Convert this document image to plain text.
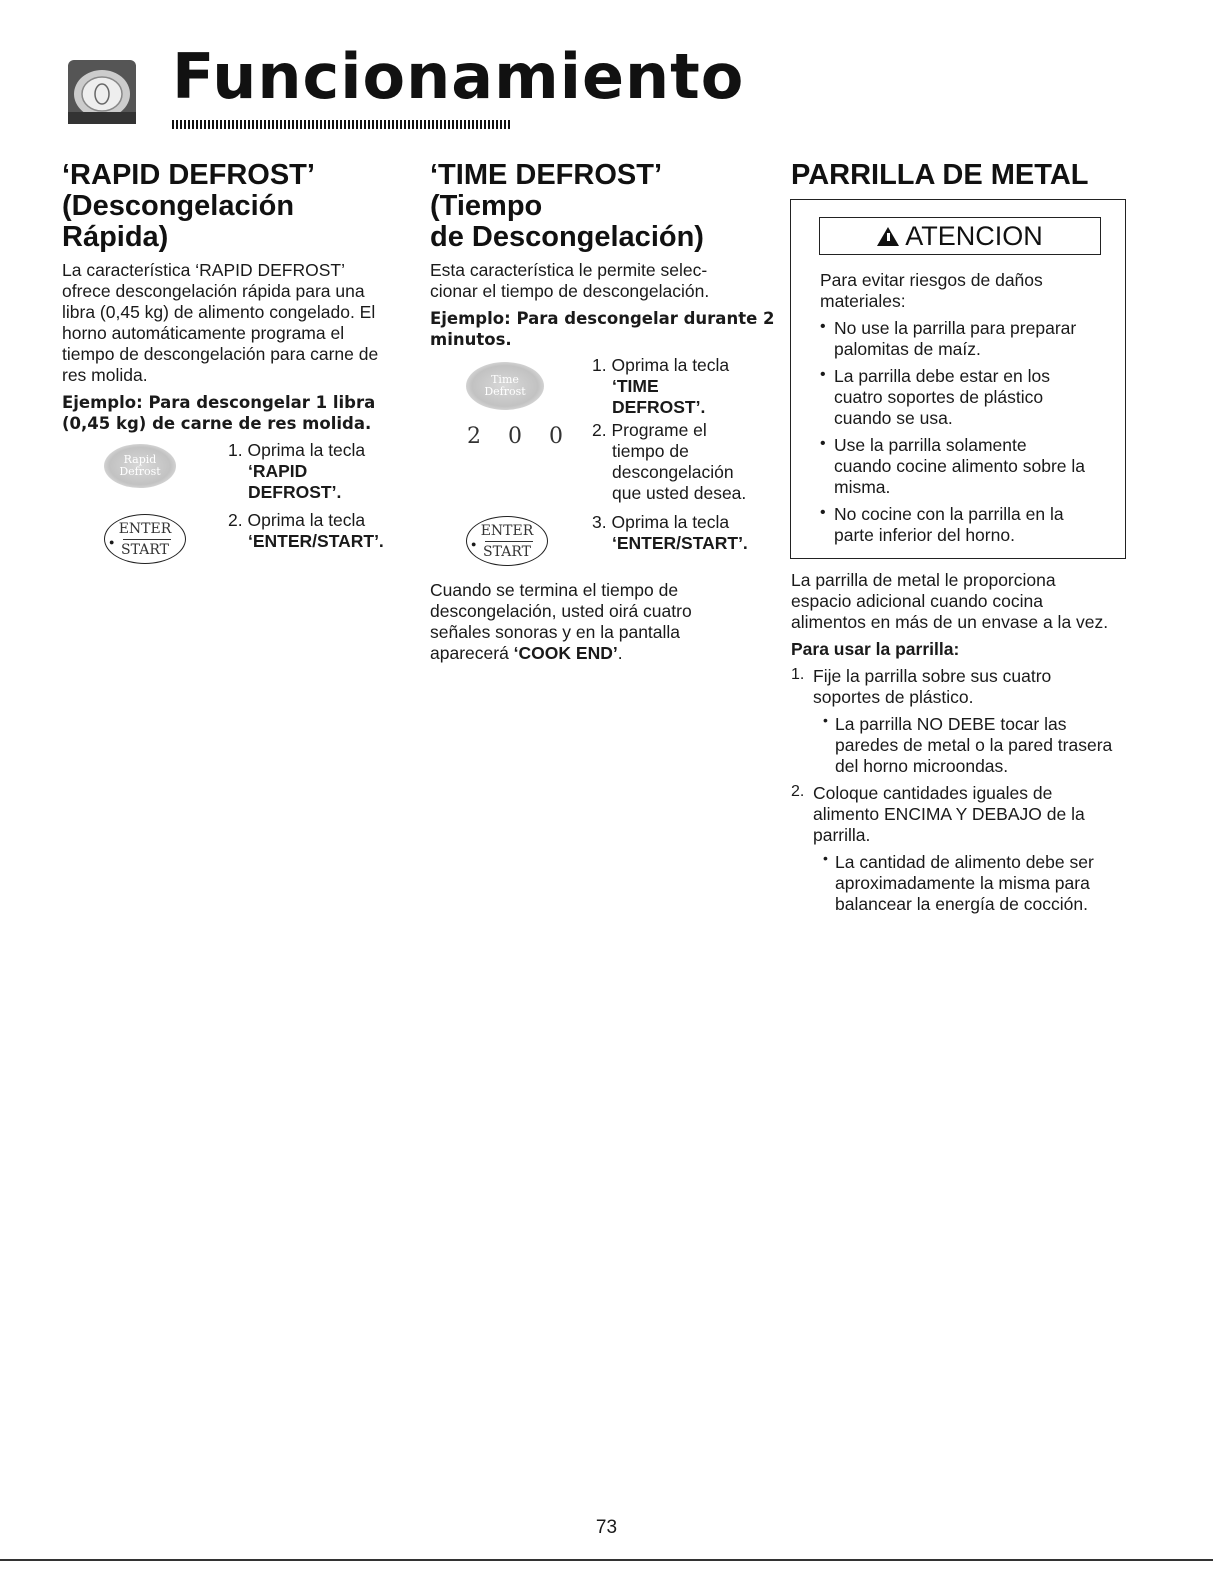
Funcionamiento
‘RAPID DEFROST’
(Descongelación Rápida)

La característica ‘RAPID DEFROST’

ofrece descongelación rápida para una

libra (0,45 kg) de alimento congelado. El

horno automáticamente programa el

tiempo de descongelación para carne de

res molida.

Ejemplo: Para descongelar 1 libra
(0,45 kg) de carne de res molida.
Rapid
Defrost
1. Oprima la tecla
‘RAPID
DEFROST’.
ENTER
● START
2. Oprima la tecla
‘ENTER/START’.
‘TIME DEFROST’ (Tiempo
de Descongelación)

Esta característica le permite selec-

cionar el tiempo de descongelación.

Ejemplo: Para descongelar durante 2
minutos.
Time
Defrost
1. Oprima la tecla
‘TIME
DEFROST’.
2 0 0 2. Programe el
tiempo de
descongelación
que usted desea.
ENTER
● START
3. Oprima la tecla
‘ENTER/START’.

Cuando se termina el tiempo de

descongelación, usted oirá cuatro

señales sonoras y en la pantalla

aparecerá ‘COOK END’.

PARRILLA DE METAL
ATENCION

Para evitar riesgos de daños

materiales:

• No use la parrilla para preparar

palomitas de maíz.

• La parrilla debe estar en los

cuatro soportes de plástico

cuando se usa.

• Use la parrilla solamente

cuando cocine alimento sobre la

misma.

• No cocine con la parrilla en la

parte inferior del horno.

La parrilla de metal le proporciona

espacio adicional cuando cocina

alimentos en más de un envase a la vez.

Para usar la parrilla:

1. Fije la parrilla sobre sus cuatro

soportes de plástico.

• La parrilla NO DEBE tocar las

paredes de metal o la pared trasera

del horno microondas.

2. Coloque cantidades iguales de

alimento ENCIMA Y DEBAJO de la

parrilla.

• La cantidad de alimento debe ser

aproximadamente la misma para

balancear la energía de cocción.

73
